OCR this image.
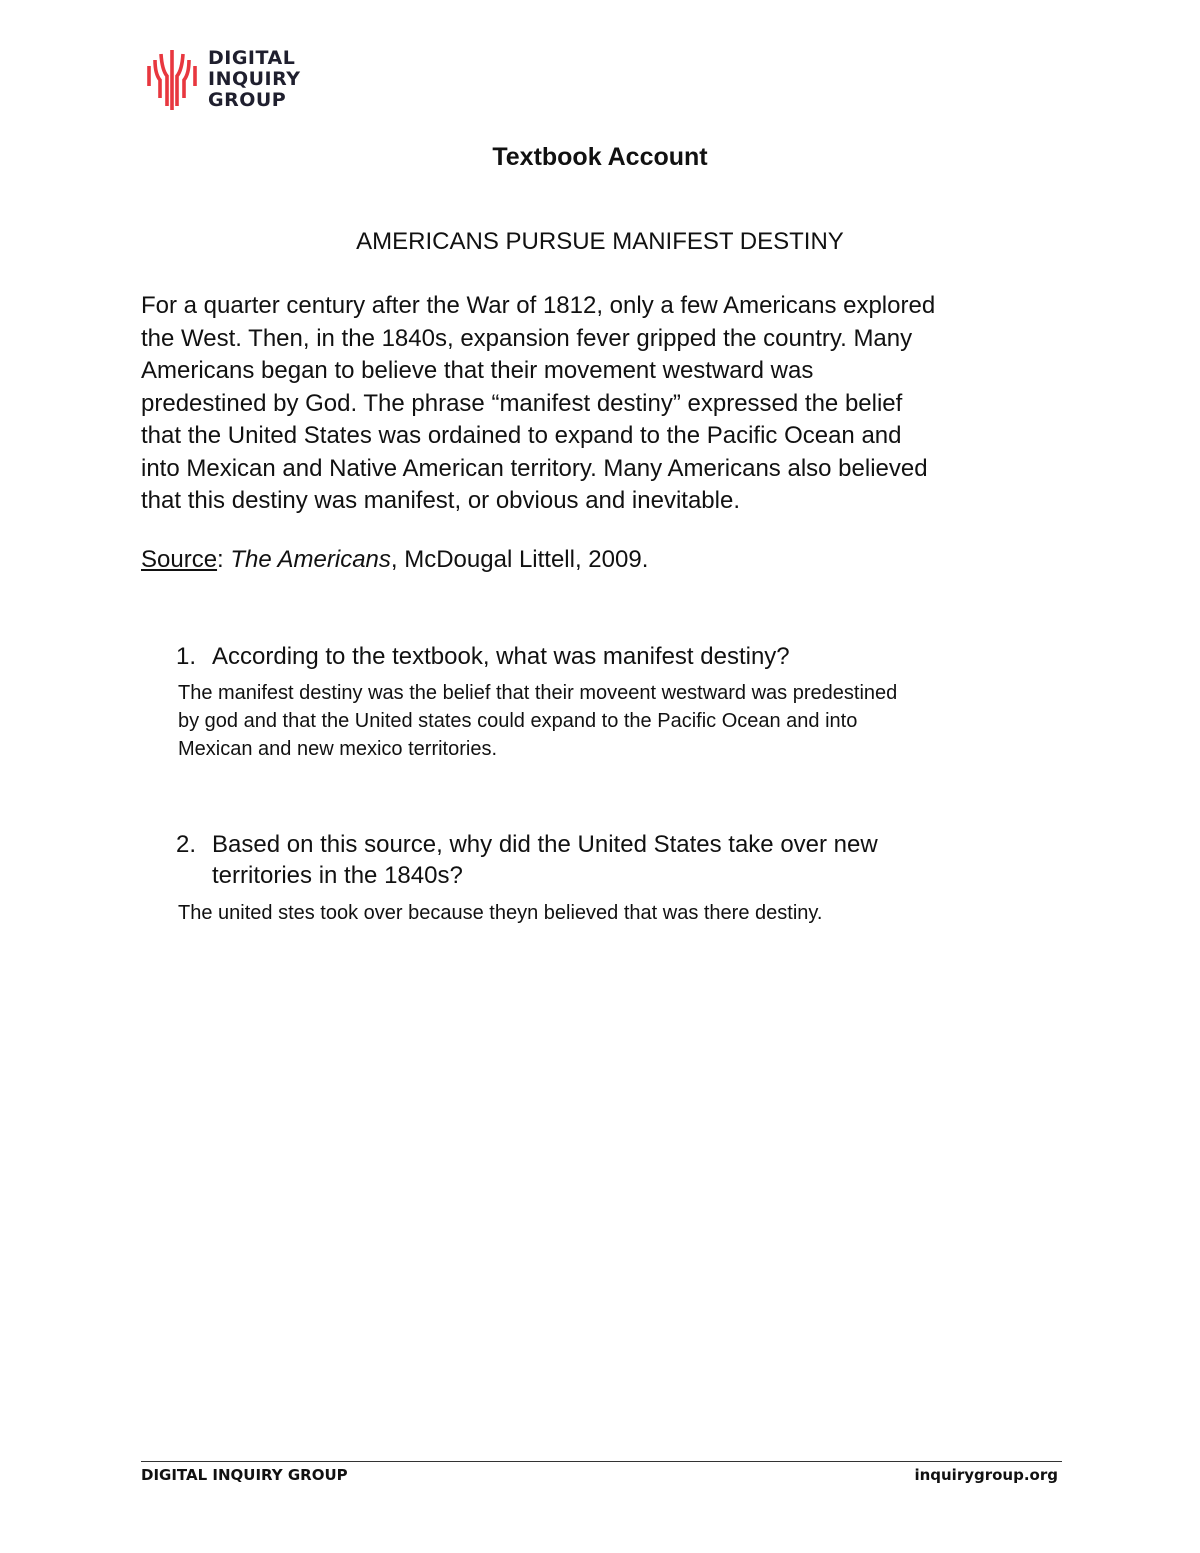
DIGITAL
INQUIRY
GROUP
Textbook Account
AMERICANS PURSUE MANIFEST DESTINY
For a quarter century after the War of 1812, only a few Americans explored
the West. Then, in the 1840s, expansion fever gripped the country. Many
Americans began to believe that their movement westward was
predestined by God. The phrase “manifest destiny” expressed the belief
that the United States was ordained to expand to the Pacific Ocean and
into Mexican and Native American territory. Many Americans also believed
that this destiny was manifest, or obvious and inevitable.
Source: The Americans, McDougal Littell, 2009.
1. According to the textbook, what was manifest destiny?
The manifest destiny was the belief that their moveent westward was predestined
by god and that the United states could expand to the Pacific Ocean and into
Mexican and new mexico territories.
2. Based on this source, why did the United States take over new
territories in the 1840s?
The united stes took over because theyn believed that was there destiny.
DIGITAL INQUIRY GROUP	inquirygroup.org
